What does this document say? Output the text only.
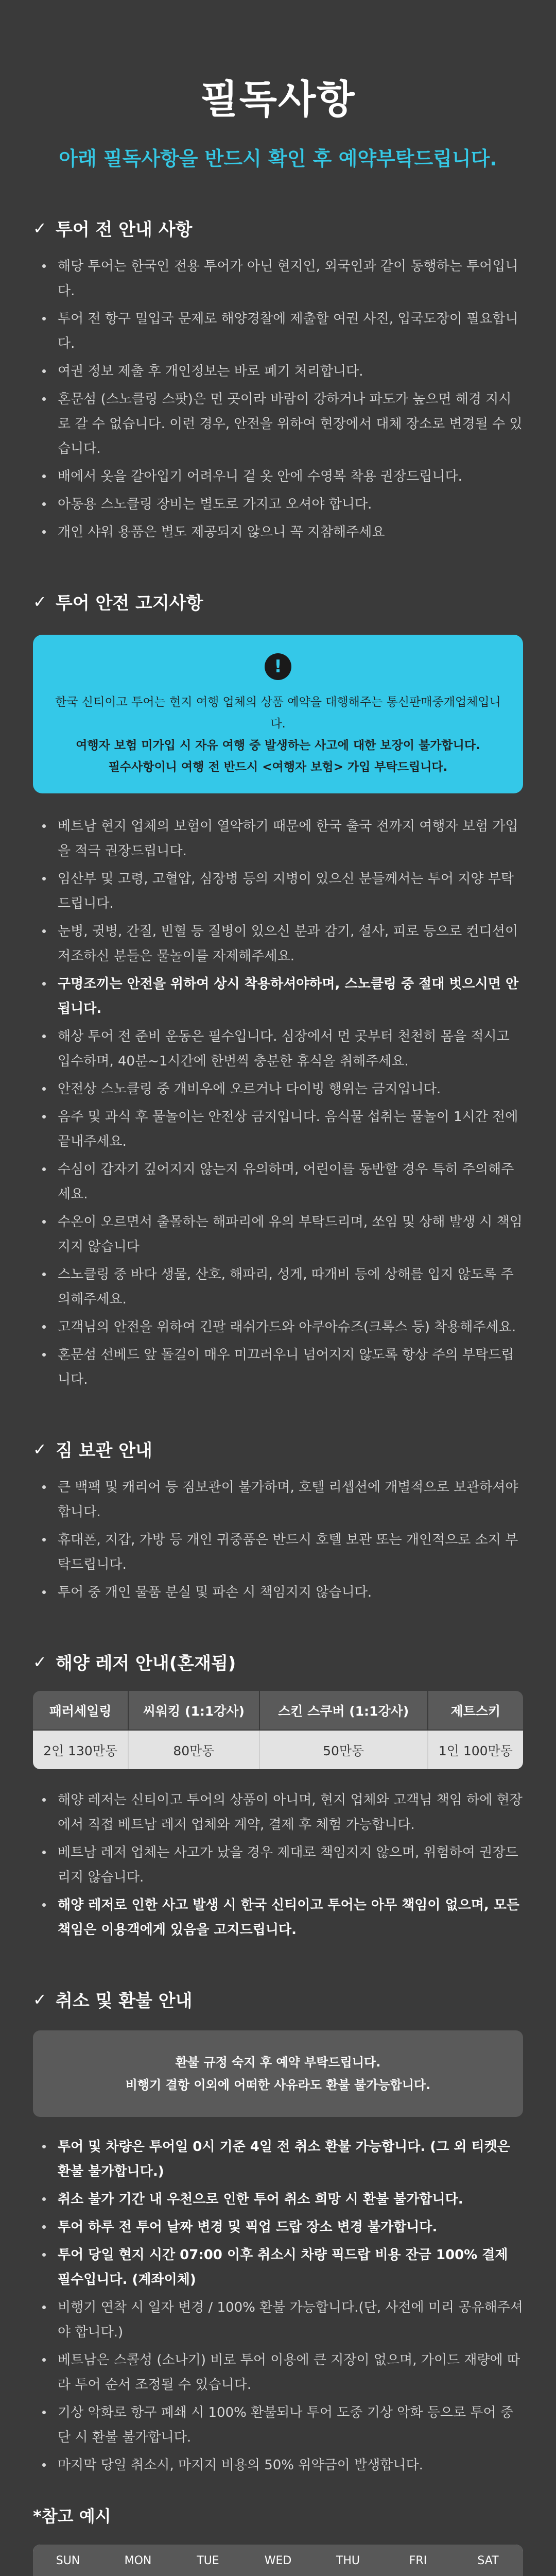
필독사항
아래 필독사항을 반드시 확인 후 예약부탁드립니다.
✓ 투어 전 안내 사항
해당 투어는 한국인 전용 투어가 아닌 현지인, 외국인과 같이 동행하는 투어입니다.
투어 전 항구 밀입국 문제로 해양경찰에 제출할 여권 사진, 입국도장이 필요합니다.
여권 정보 제출 후 개인정보는 바로 폐기 처리합니다.
혼문섬 (스노클링 스팟)은 먼 곳이라 바람이 강하거나 파도가 높으면 해경 지시로 갈 수 없습니다. 이런 경우, 안전을 위하여 현장에서 대체 장소로 변경될 수 있습니다.
배에서 옷을 갈아입기 어려우니 겉 옷 안에 수영복 착용 권장드립니다.
아동용 스노클링 장비는 별도로 가지고 오셔야 합니다.
개인 샤워 용품은 별도 제공되지 않으니 꼭 지참해주세요
✓ 투어 안전 고지사항
!

한국 신티이고 투어는 현지 여행 업체의 상품 예약을 대행해주는 통신판매중개업체입니다.

여행자 보험 미가입 시 자유 여행 중 발생하는 사고에 대한 보장이 불가합니다.

필수사항이니 여행 전 반드시 <여행자 보험> 가입 부탁드립니다.

베트남 현지 업체의 보험이 열악하기 때문에 한국 출국 전까지 여행자 보험 가입을 적극 권장드립니다.
임산부 및 고령, 고혈압, 심장병 등의 지병이 있으신 분들께서는 투어 지양 부탁드립니다.
눈병, 귓병, 간질, 빈혈 등 질병이 있으신 분과 감기, 설사, 피로 등으로 컨디션이 저조하신 분들은 물놀이를 자제해주세요.
구명조끼는 안전을 위하여 상시 착용하셔야하며, 스노클링 중 절대 벗으시면 안됩니다.
해상 투어 전 준비 운동은 필수입니다. 심장에서 먼 곳부터 천천히 몸을 적시고 입수하며, 40분~1시간에 한번씩 충분한 휴식을 취해주세요.
안전상 스노클링 중 개비우에 오르거나 다이빙 행위는 금지입니다.
음주 및 과식 후 물놀이는 안전상 금지입니다. 음식물 섭취는 물놀이 1시간 전에 끝내주세요.
수심이 갑자기 깊어지지 않는지 유의하며, 어린이를 동반할 경우 특히 주의해주세요.
수온이 오르면서 출몰하는 해파리에 유의 부탁드리며, 쏘임 및 상해 발생 시 책임지지 않습니다
스노클링 중 바다 생물, 산호, 해파리, 성게, 따개비 등에 상해를 입지 않도록 주의해주세요.
고객님의 안전을 위하여 긴팔 래쉬가드와 아쿠아슈즈(크록스 등) 착용해주세요.
혼문섬 선베드 앞 돌길이 매우 미끄러우니 넘어지지 않도록 항상 주의 부탁드립니다.
✓ 짐 보관 안내
큰 백팩 및 캐리어 등 짐보관이 불가하며, 호텔 리셉션에 개별적으로 보관하셔야 합니다.
휴대폰, 지갑, 가방 등 개인 귀중품은 반드시 호텔 보관 또는 개인적으로 소지 부탁드립니다.
투어 중 개인 물품 분실 및 파손 시 책임지지 않습니다.
✓ 해양 레저 안내(혼재됨)
패러세일링	씨워킹 (1:1강사)	스킨 스쿠버 (1:1강사)	제트스키
2인 130만동	80만동	50만동	1인 100만동
해양 레저는 신티이고 투어의 상품이 아니며, 현지 업체와 고객님 책임 하에 현장에서 직접 베트남 레저 업체와 계약, 결제 후 체험 가능합니다.
베트남 레저 업체는 사고가 났을 경우 제대로 책임지지 않으며, 위험하여 권장드리지 않습니다.
해양 레저로 인한 사고 발생 시 한국 신티이고 투어는 아무 책임이 없으며, 모든 책임은 이용객에게 있음을 고지드립니다.
✓ 취소 및 환불 안내

환불 규정 숙지 후 예약 부탁드립니다.

비행기 결항 이외에 어떠한 사유라도 환불 불가능합니다.

투어 및 차량은 투어일 0시 기준 4일 전 취소 환불 가능합니다. (그 외 티켓은 환불 불가합니다.)
취소 불가 기간 내 우천으로 인한 투어 취소 희망 시 환불 불가합니다.
투어 하루 전 투어 날짜 변경 및 픽업 드랍 장소 변경 불가합니다.
투어 당일 현지 시간 07:00 이후 취소시 차량 픽드랍 비용 잔금 100% 결제 필수입니다. (계좌이체)
비행기 연착 시 일자 변경 / 100% 환불 가능합니다.(단, 사전에 미리 공유해주셔야 합니다.)
베트남은 스콜성 (소나기) 비로 투어 이용에 큰 지장이 없으며, 가이드 재량에 따라 투어 순서 조정될 수 있습니다.
기상 악화로 항구 폐쇄 시 100% 환불되나 투어 도중 기상 악화 등으로 투어 중단 시 환불 불가합니다.
마지막 당일 취소시, 마지지 비용의 50% 위약금이 발생합니다.
*참고 예시
SUN	MON	TUE	WED	THU	FRI	SAT
